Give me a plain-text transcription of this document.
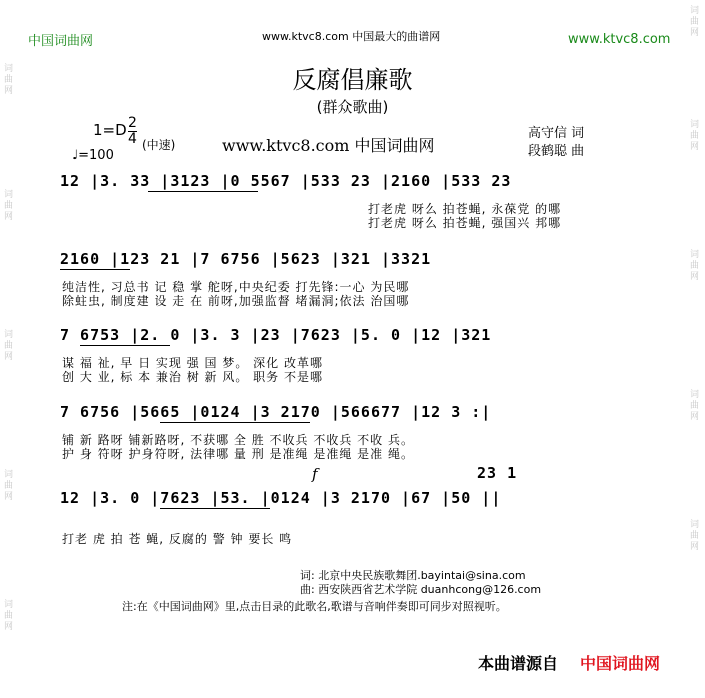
词
曲
网
词
曲
网
词
曲
网
词
曲
网
词
曲
网
词
曲
网
词
曲
网
词
曲
网
词
曲
网
词
曲
网
中国词曲网	www.ktvc8.com 中国最大的曲谱网	www.ktvc8.com
反腐倡廉歌
(群众歌曲)
高守信 词
段鹤聪 曲
1=D 2
4 (中速)
♩=100
www.ktvc8.com 中国词曲网
12 |3. 33 |3123 |0 5567 |533 23 |2160 |533 23
打老虎 呀么 拍苍蝇, 永葆党 的哪
打老虎 呀么 拍苍蝇, 强国兴 邦哪
2160 |123 21 |7 6756 |5623 |321 |3321
纯洁性, 习总书 记 稳 掌 舵呀,中央纪委 打先锋:一心 为民哪
除蛀虫, 制度建 设 走 在 前呀,加强监督 堵漏洞;依法 治国哪
7 6753 |2. 0 |3. 3 |23 |7623 |5. 0 |12 |321
谋 福 祉, 早 日 实现 强 国 梦。 深化 改革哪
创 大 业, 标 本 兼治 树 新 风。 职务 不是哪
7 6756 |5665 |0124 |3 2170 |566677 |12 3 :|
铺 新 路呀 铺新路呀, 不获哪 全 胜 不收兵 不收兵 不收 兵。
护 身 符呀 护身符呀, 法律哪 量 刑 是准绳 是准绳 是准 绳。
f	23 1
12 |3. 0 |7623 |53. |0124 |3 2170 |67 |50 ||
打老 虎 拍 苍 蝇, 反腐的 警 钟 要长 鸣
词: 北京中央民族歌舞团.bayintai@sina.com
曲: 西安陕西省艺术学院 duanhcong@126.com
注:在《中国词曲网》里,点击目录的此歌名,歌谱与音响伴奏即可同步对照视听。
本曲谱源自 中国词曲网
